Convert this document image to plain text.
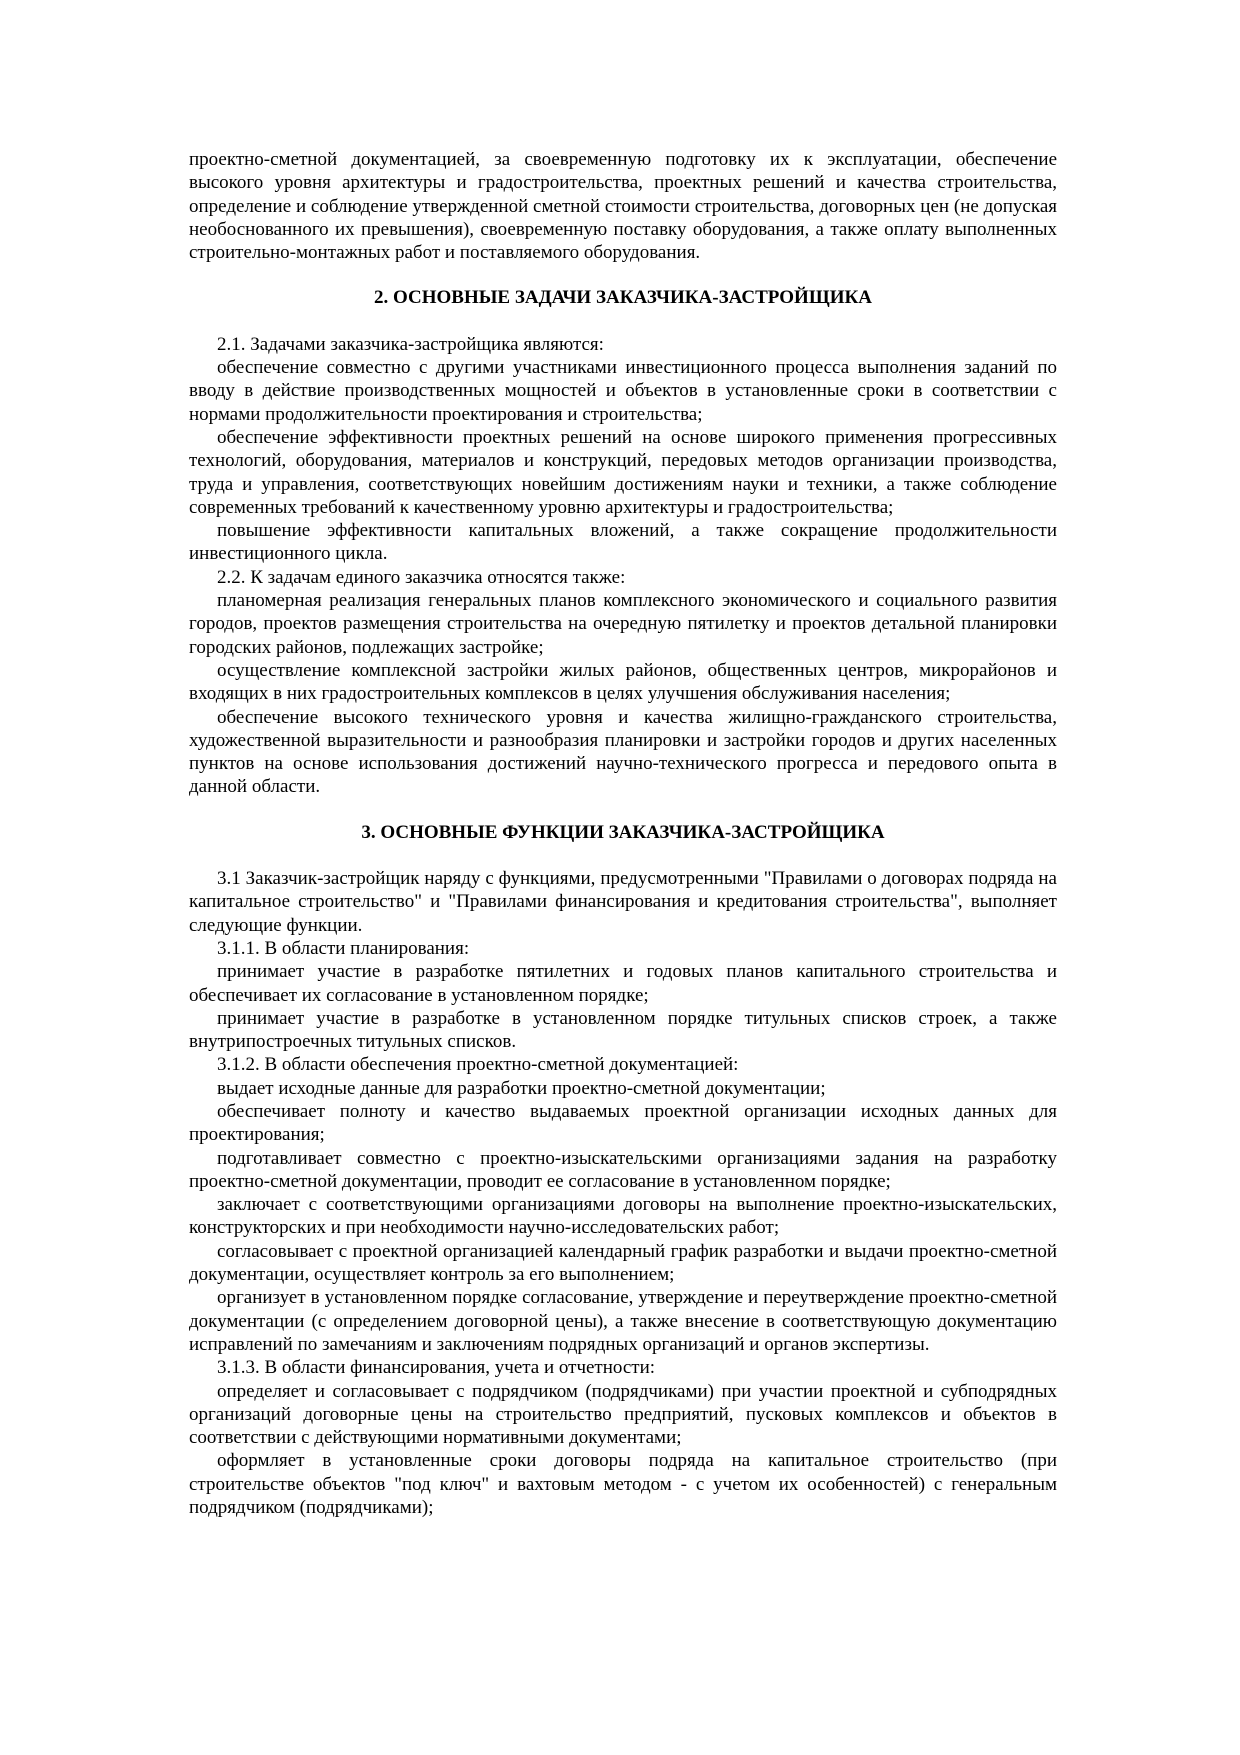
проектно-сметной документацией, за своевременную подготовку их к эксплуатации, обеспечение высокого уровня архитектуры и градостроительства, проектных решений и качества строительства, определение и соблюдение утвержденной сметной стоимости строительства, договорных цен (не допуская необоснованного их превышения), своевременную поставку оборудования, а также оплату выполненных строительно-монтажных работ и поставляемого оборудования.

2. ОСНОВНЫЕ ЗАДАЧИ ЗАКАЗЧИКА-ЗАСТРОЙЩИКА

2.1. Задачами заказчика-застройщика являются:

обеспечение совместно с другими участниками инвестиционного процесса выполнения заданий по вводу в действие производственных мощностей и объектов в установленные сроки в соответствии с нормами продолжительности проектирования и строительства;

обеспечение эффективности проектных решений на основе широкого применения прогрессивных технологий, оборудования, материалов и конструкций, передовых методов организации производства, труда и управления, соответствующих новейшим достижениям науки и техники, а также соблюдение современных требований к качественному уровню архитектуры и градостроительства;

повышение эффективности капитальных вложений, а также сокращение продолжительности инвестиционного цикла.

2.2. К задачам единого заказчика относятся также:

планомерная реализация генеральных планов комплексного экономического и социального развития городов, проектов размещения строительства на очередную пятилетку и проектов детальной планировки городских районов, подлежащих застройке;

осуществление комплексной застройки жилых районов, общественных центров, микрорайонов и входящих в них градостроительных комплексов в целях улучшения обслуживания населения;

обеспечение высокого технического уровня и качества жилищно-гражданского строительства, художественной выразительности и разнообразия планировки и застройки городов и других населенных пунктов на основе использования достижений научно-технического прогресса и передового опыта в данной области.

3. ОСНОВНЫЕ ФУНКЦИИ ЗАКАЗЧИКА-ЗАСТРОЙЩИКА

3.1 Заказчик-застройщик наряду с функциями, предусмотренными "Правилами о договорах подряда на капитальное строительство" и "Правилами финансирования и кредитования строительства", выполняет следующие функции.

3.1.1. В области планирования:

принимает участие в разработке пятилетних и годовых планов капитального строительства и обеспечивает их согласование в установленном порядке;

принимает участие в разработке в установленном порядке титульных списков строек, а также внутрипостроечных титульных списков.

3.1.2. В области обеспечения проектно-сметной документацией:

выдает исходные данные для разработки проектно-сметной документации;

обеспечивает полноту и качество выдаваемых проектной организации исходных данных для проектирования;

подготавливает совместно с проектно-изыскательскими организациями задания на разработку проектно-сметной документации, проводит ее согласование в установленном порядке;

заключает с соответствующими организациями договоры на выполнение проектно-изыскательских, конструкторских и при необходимости научно-исследовательских работ;

согласовывает с проектной организацией календарный график разработки и выдачи проектно-сметной документации, осуществляет контроль за его выполнением;

организует в установленном порядке согласование, утверждение и переутверждение проектно-сметной документации (с определением договорной цены), а также внесение в соответствующую документацию исправлений по замечаниям и заключениям подрядных организаций и органов экспертизы.

3.1.3. В области финансирования, учета и отчетности:

определяет и согласовывает с подрядчиком (подрядчиками) при участии проектной и субподрядных организаций договорные цены на строительство предприятий, пусковых комплексов и объектов в соответствии с действующими нормативными документами;

оформляет в установленные сроки договоры подряда на капитальное строительство (при строительстве объектов "под ключ" и вахтовым методом - с учетом их особенностей) с генеральным подрядчиком (подрядчиками);
